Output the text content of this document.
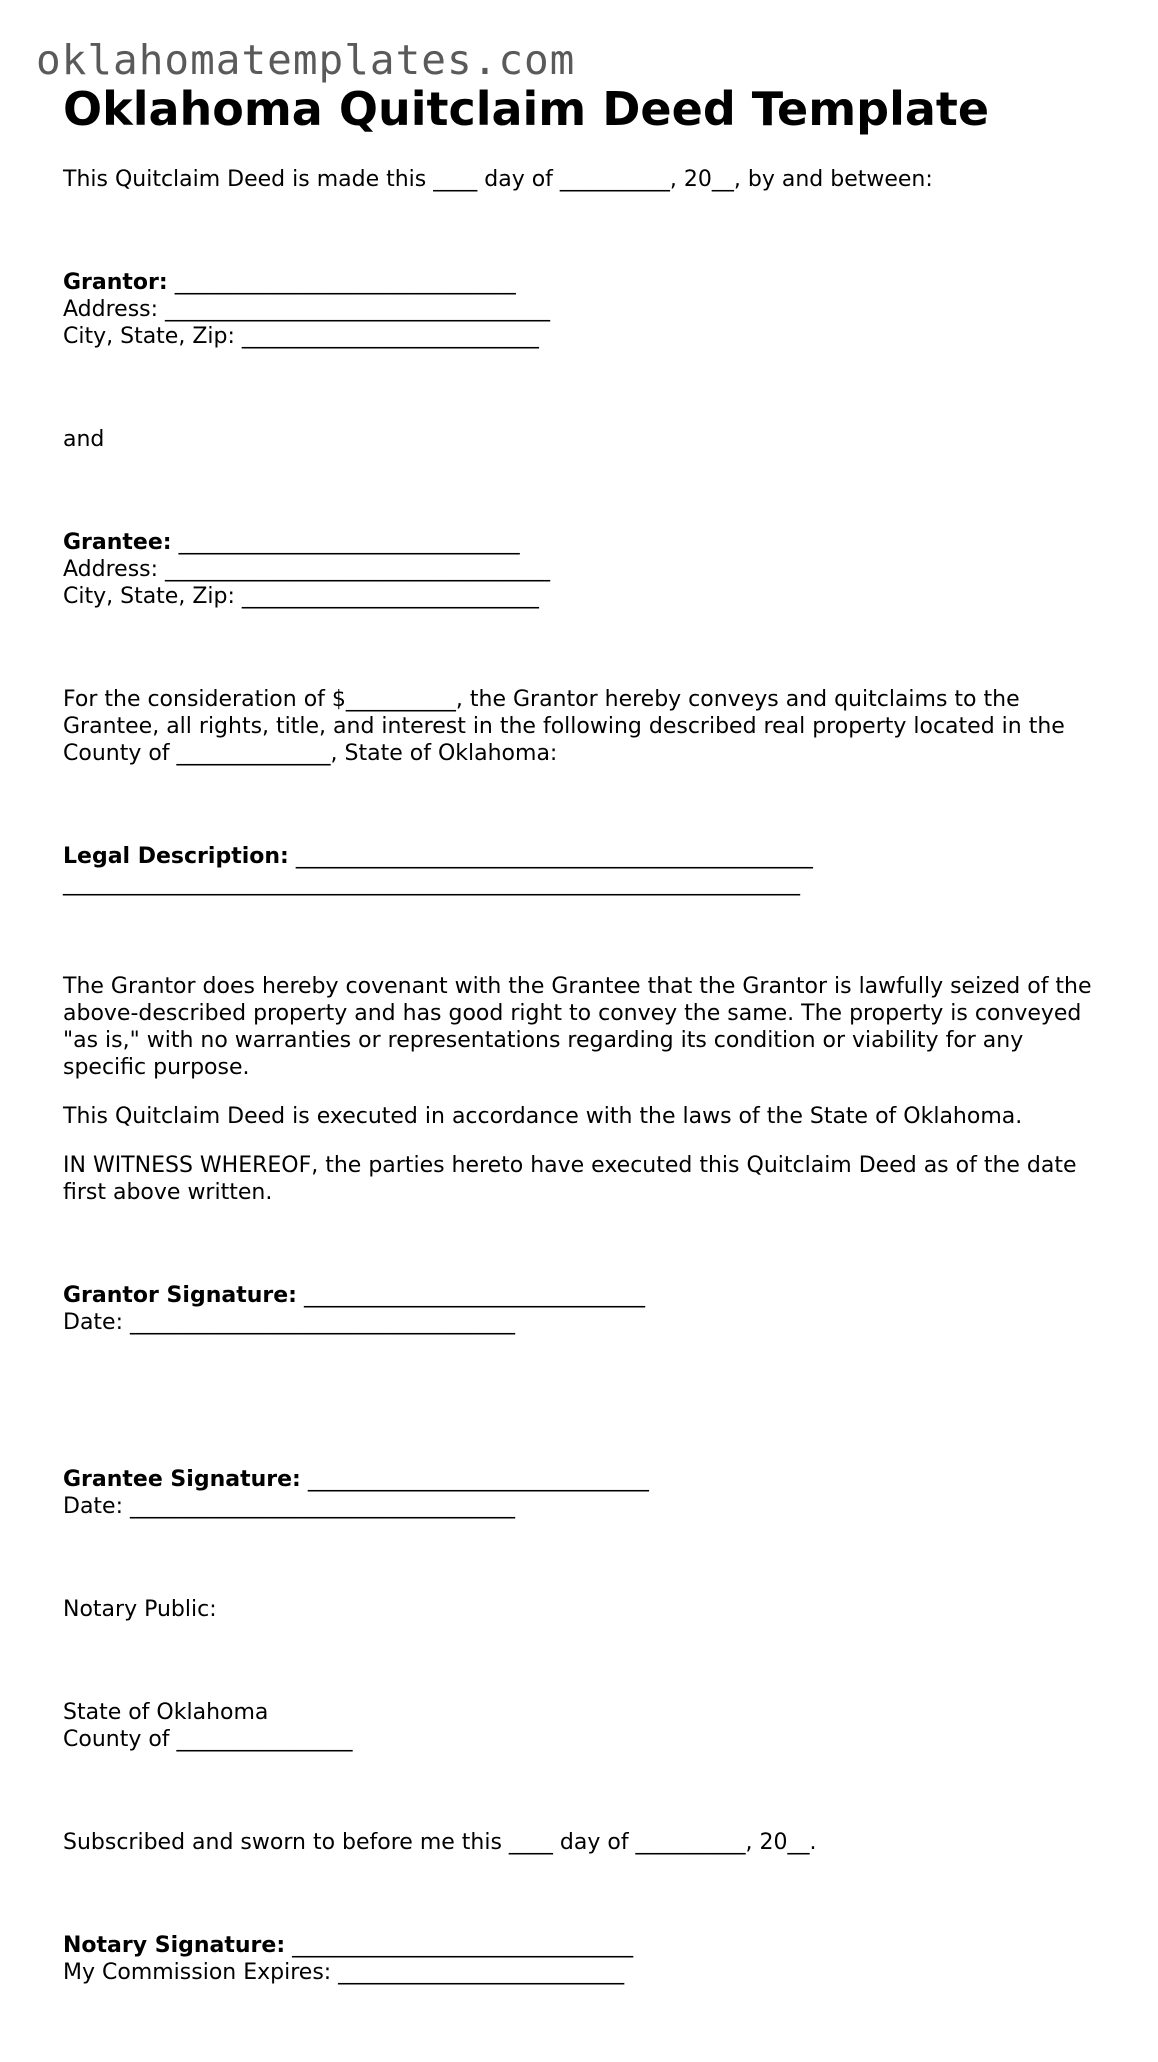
oklahomatemplates.com
Oklahoma Quitclaim Deed Template

This Quitclaim Deed is made this ____ day of __________, 20__, by and between:

Grantor: _______________________________
Address: ___________________________________
City, State, Zip: ___________________________

and

Grantee: _______________________________
Address: ___________________________________
City, State, Zip: ___________________________

For the consideration of $__________, the Grantor hereby conveys and quitclaims to the Grantee, all rights, title, and interest in the following described real property located in the County of ______________, State of Oklahoma:

Legal Description: _______________________________________________
___________________________________________________________________

The Grantor does hereby covenant with the Grantee that the Grantor is lawfully seized of the above-described property and has good right to convey the same. The property is conveyed "as is," with no warranties or representations regarding its condition or viability for any specific purpose.

This Quitclaim Deed is executed in accordance with the laws of the State of Oklahoma.

IN WITNESS WHEREOF, the parties hereto have executed this Quitclaim Deed as of the date first above written.

Grantor Signature: _______________________________
Date: ___________________________________

Grantee Signature: _______________________________
Date: ___________________________________

Notary Public:

State of Oklahoma
County of ________________

Subscribed and sworn to before me this ____ day of __________, 20__.

Notary Signature: _______________________________
My Commission Expires: __________________________
